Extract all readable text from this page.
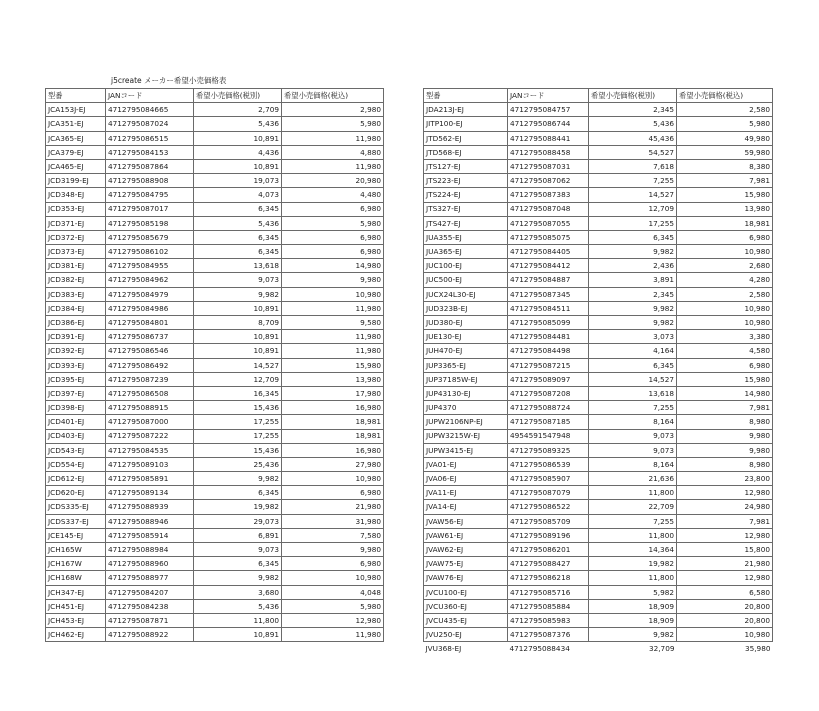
j5create メーカー希望小売価格表
型番	JANコード	希望小売価格(税別)	希望小売価格(税込)
JCA153J-EJ	4712795084665	2,709	2,980
JCA351-EJ	4712795087024	5,436	5,980
JCA365-EJ	4712795086515	10,891	11,980
JCA379-EJ	4712795084153	4,436	4,880
JCA465-EJ	4712795087864	10,891	11,980
JCD3199-EJ	4712795088908	19,073	20,980
JCD348-EJ	4712795084795	4,073	4,480
JCD353-EJ	4712795087017	6,345	6,980
JCD371-EJ	4712795085198	5,436	5,980
JCD372-EJ	4712795085679	6,345	6,980
JCD373-EJ	4712795086102	6,345	6,980
JCD381-EJ	4712795084955	13,618	14,980
JCD382-EJ	4712795084962	9,073	9,980
JCD383-EJ	4712795084979	9,982	10,980
JCD384-EJ	4712795084986	10,891	11,980
JCD386-EJ	4712795084801	8,709	9,580
JCD391-EJ	4712795086737	10,891	11,980
JCD392-EJ	4712795086546	10,891	11,980
JCD393-EJ	4712795086492	14,527	15,980
JCD395-EJ	4712795087239	12,709	13,980
JCD397-EJ	4712795086508	16,345	17,980
JCD398-EJ	4712795088915	15,436	16,980
JCD401-EJ	4712795087000	17,255	18,981
JCD403-EJ	4712795087222	17,255	18,981
JCD543-EJ	4712795084535	15,436	16,980
JCD554-EJ	4712795089103	25,436	27,980
JCD612-EJ	4712795085891	9,982	10,980
JCD620-EJ	4712795089134	6,345	6,980
JCDS335-EJ	4712795088939	19,982	21,980
JCDS337-EJ	4712795088946	29,073	31,980
JCE145-EJ	4712795085914	6,891	7,580
JCH165W	4712795088984	9,073	9,980
JCH167W	4712795088960	6,345	6,980
JCH168W	4712795088977	9,982	10,980
JCH347-EJ	4712795084207	3,680	4,048
JCH451-EJ	4712795084238	5,436	5,980
JCH453-EJ	4712795087871	11,800	12,980
JCH462-EJ	4712795088922	10,891	11,980
型番	JANコード	希望小売価格(税別)	希望小売価格(税込)
JDA213J-EJ	4712795084757	2,345	2,580
JITP100-EJ	4712795086744	5,436	5,980
JTD562-EJ	4712795088441	45,436	49,980
JTD568-EJ	4712795088458	54,527	59,980
JTS127-EJ	4712795087031	7,618	8,380
JTS223-EJ	4712795087062	7,255	7,981
JTS224-EJ	4712795087383	14,527	15,980
JTS327-EJ	4712795087048	12,709	13,980
JTS427-EJ	4712795087055	17,255	18,981
JUA355-EJ	4712795085075	6,345	6,980
JUA365-EJ	4712795084405	9,982	10,980
JUC100-EJ	4712795084412	2,436	2,680
JUC500-EJ	4712795084887	3,891	4,280
JUCX24L30-EJ	4712795087345	2,345	2,580
JUD323B-EJ	4712795084511	9,982	10,980
JUD380-EJ	4712795085099	9,982	10,980
JUE130-EJ	4712795084481	3,073	3,380
JUH470-EJ	4712795084498	4,164	4,580
JUP3365-EJ	4712795087215	6,345	6,980
JUP37185W-EJ	4712795089097	14,527	15,980
JUP43130-EJ	4712795087208	13,618	14,980
JUP4370	4712795088724	7,255	7,981
JUPW2106NP-EJ	4712795087185	8,164	8,980
JUPW3215W-EJ	4954591547948	9,073	9,980
JUPW3415-EJ	4712795089325	9,073	9,980
JVA01-EJ	4712795086539	8,164	8,980
JVA06-EJ	4712795085907	21,636	23,800
JVA11-EJ	4712795087079	11,800	12,980
JVA14-EJ	4712795086522	22,709	24,980
JVAW56-EJ	4712795085709	7,255	7,981
JVAW61-EJ	4712795089196	11,800	12,980
JVAW62-EJ	4712795086201	14,364	15,800
JVAW75-EJ	4712795088427	19,982	21,980
JVAW76-EJ	4712795086218	11,800	12,980
JVCU100-EJ	4712795085716	5,982	6,580
JVCU360-EJ	4712795085884	18,909	20,800
JVCU435-EJ	4712795085983	18,909	20,800
JVU250-EJ	4712795087376	9,982	10,980
JVU368-EJ	4712795088434	32,709	35,980
